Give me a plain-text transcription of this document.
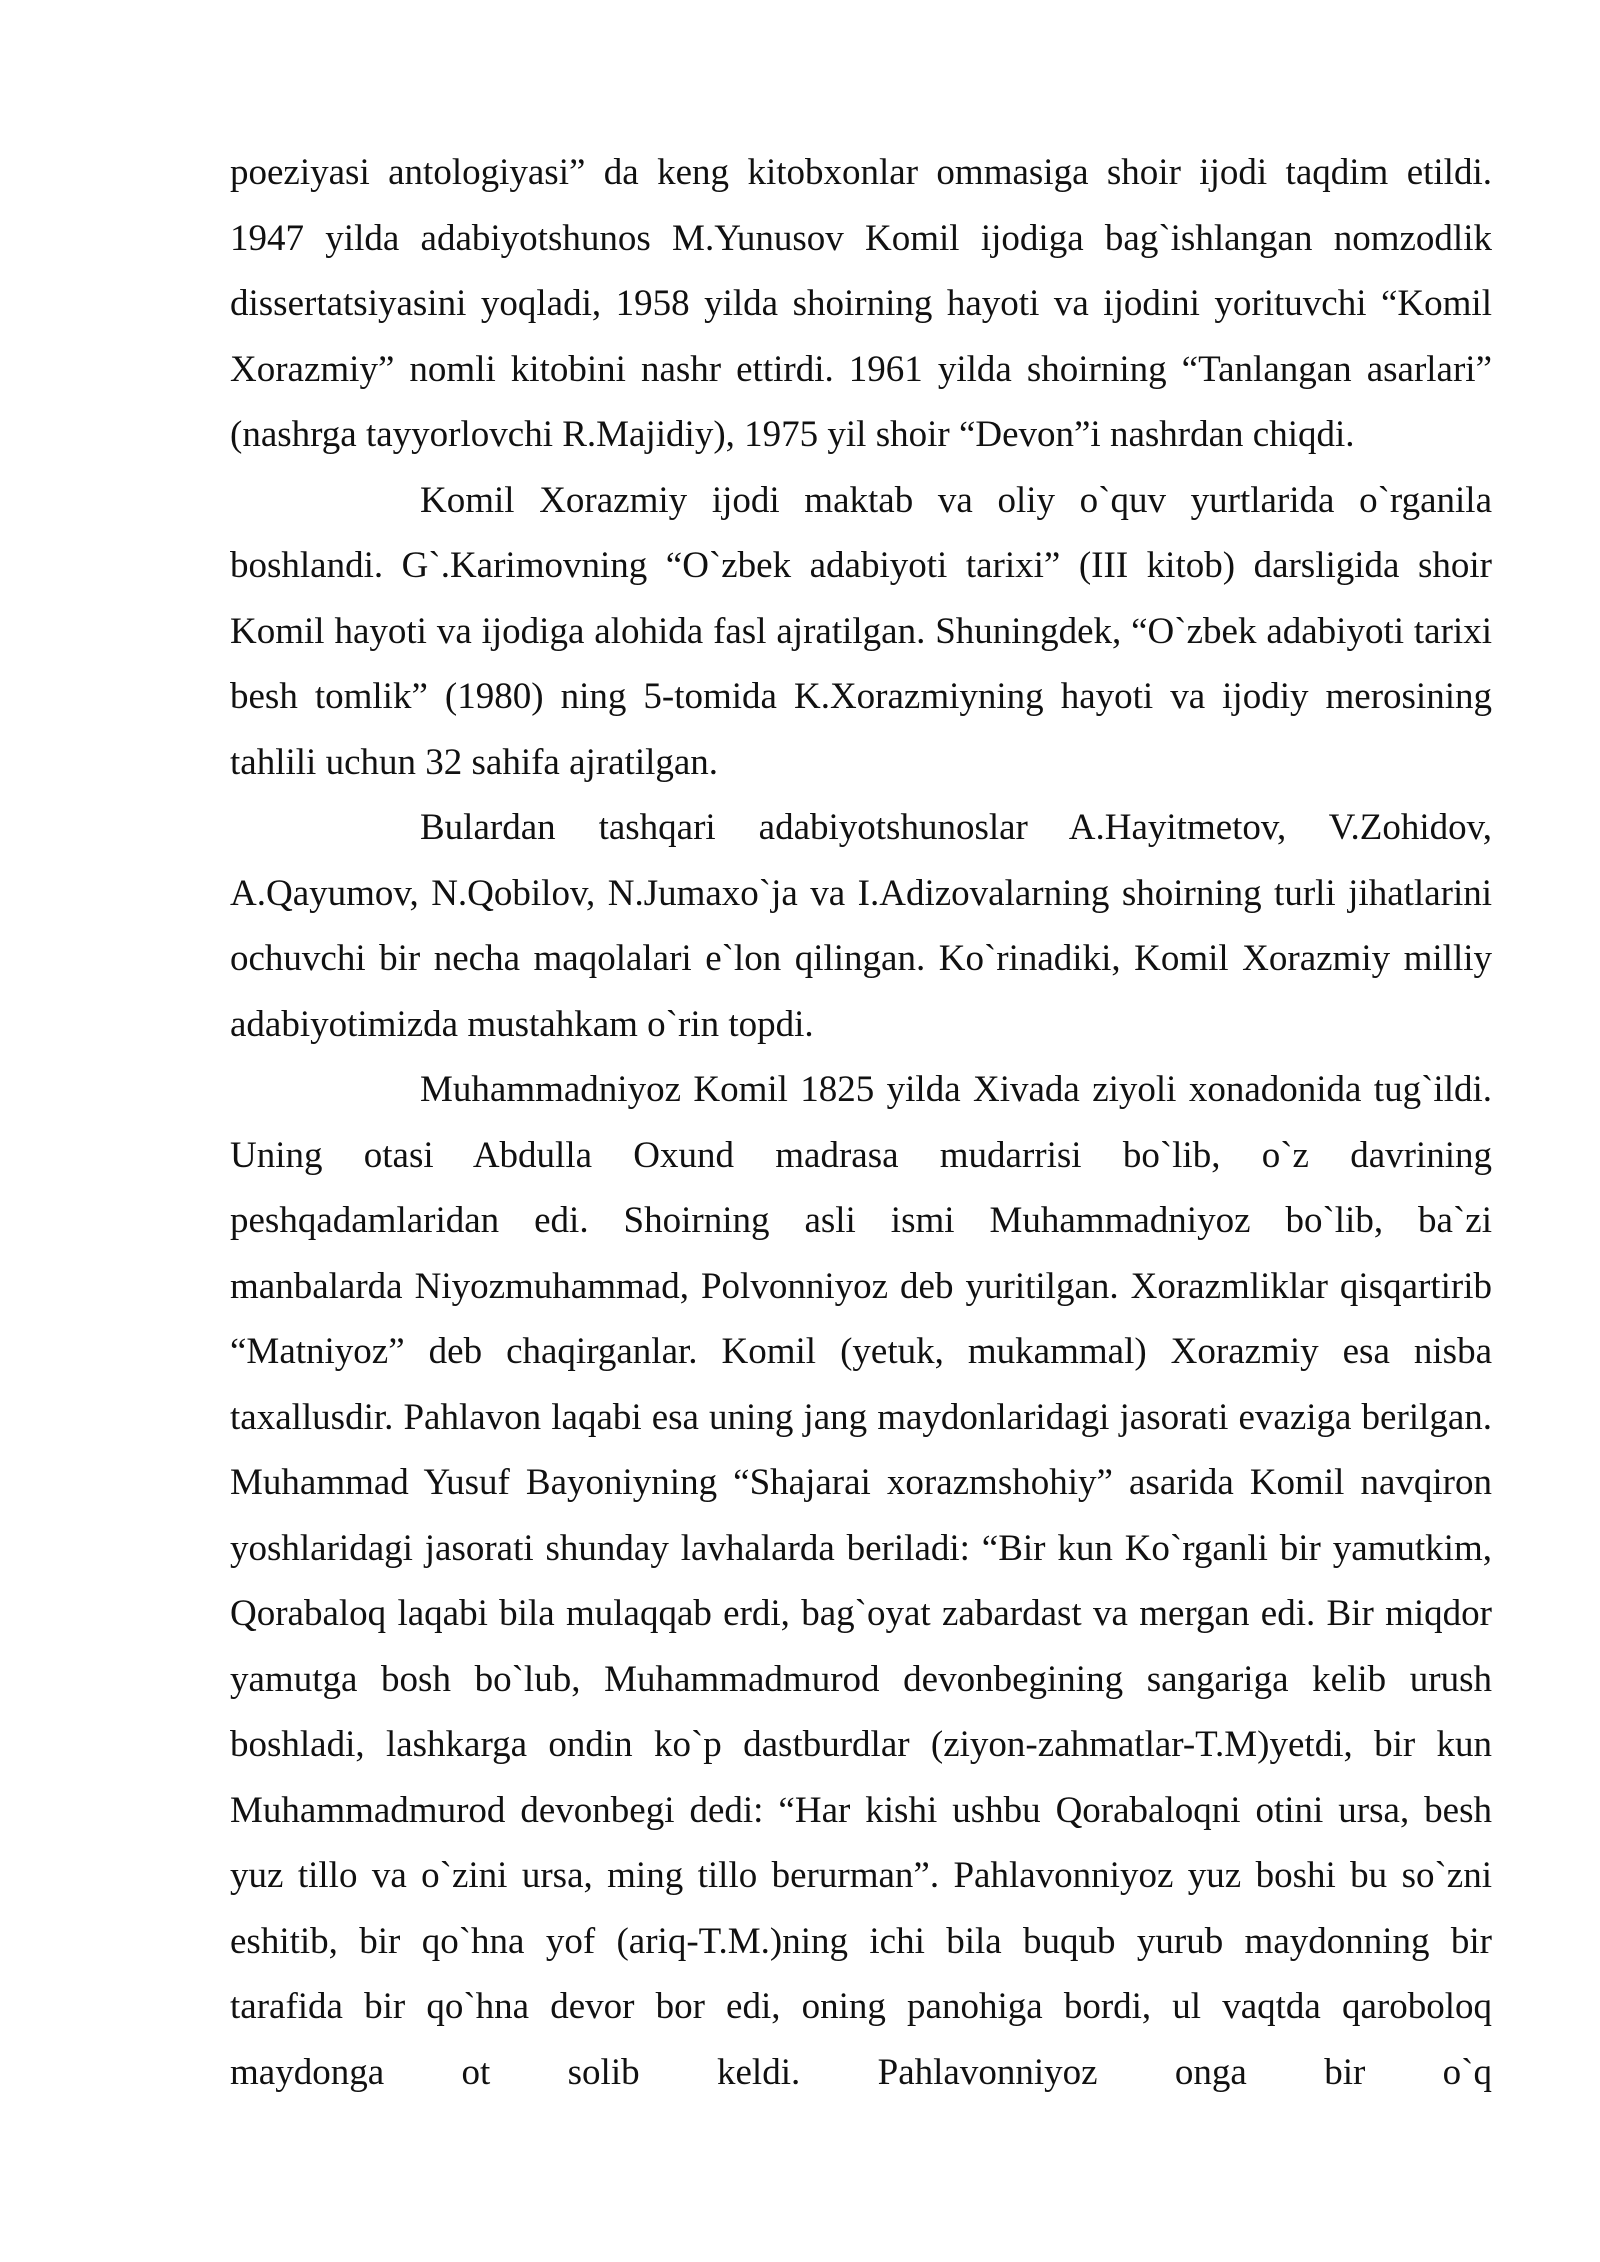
poeziyasi antologiyasi” da keng kitobxonlar ommasiga shoir ijodi taqdim etildi. 1947 yilda adabiyotshunos M.Yunusov Komil ijodiga bag`ishlangan nomzodlik dissertatsiyasini yoqladi, 1958 yilda shoirning hayoti va ijodini yorituvchi “Komil Xorazmiy” nomli kitobini nashr ettirdi. 1961 yilda shoirning “Tanlangan asarlari” (nashrga tayyorlovchi R.Majidiy), 1975 yil shoir “Devon”i nashrdan chiqdi.

Komil Xorazmiy ijodi maktab va oliy o`quv yurtlarida o`rganila boshlandi. G`.Karimovning “O`zbek adabiyoti tarixi” (III kitob) darsligida shoir Komil hayoti va ijodiga alohida fasl ajratilgan. Shuningdek, “O`zbek adabiyoti tarixi besh tomlik” (1980) ning 5-tomida K.Xorazmiyning hayoti va ijodiy merosining tahlili uchun 32 sahifa ajratilgan.

Bulardan tashqari adabiyotshunoslar A.Hayitmetov, V.Zohidov, A.Qayumov, N.Qobilov, N.Jumaxo`ja va I.Adizovalarning shoirning turli jihatlarini ochuvchi bir necha maqolalari e`lon qilingan. Ko`rinadiki, Komil Xorazmiy milliy adabiyotimizda mustahkam o`rin topdi.

Muhammadniyoz Komil 1825 yilda Xivada ziyoli xonadonida tug`ildi. Uning otasi Abdulla Oxund madrasa mudarrisi bo`lib, o`z davrining peshqadamlaridan edi. Shoirning asli ismi Muhammadniyoz bo`lib, ba`zi manbalarda Niyozmuhammad, Polvonniyoz deb yuritilgan. Xorazmliklar qisqartirib “Matniyoz” deb chaqirganlar. Komil (yetuk, mukammal) Xorazmiy esa nisba taxallusdir. Pahlavon laqabi esa uning jang maydonlaridagi jasorati evaziga berilgan. Muhammad Yusuf Bayoniyning “Shajarai xorazmshohiy” asarida Komil navqiron yoshlaridagi jasorati shunday lavhalarda beriladi: “Bir kun Ko`rganli bir yamutkim, Qorabaloq laqabi bila mulaqqab erdi, bag`oyat zabardast va mergan edi. Bir miqdor yamutga bosh bo`lub, Muhammadmurod devonbegining sangariga kelib urush boshladi, lashkarga ondin ko`p dastburdlar (ziyon-zahmatlar-T.M)yetdi, bir kun Muhammadmurod devonbegi dedi: “Har kishi ushbu Qorabaloqni otini ursa, besh yuz tillo va o`zini ursa, ming tillo berurman”. Pahlavonniyoz yuz boshi bu so`zni eshitib, bir qo`hna yof (ariq-T.M.)ning ichi bila buqub yurub maydonning bir tarafida bir qo`hna devor bor edi, oning panohiga bordi, ul vaqtda qaroboloq maydonga ot solib keldi. Pahlavonniyoz onga bir o`q
